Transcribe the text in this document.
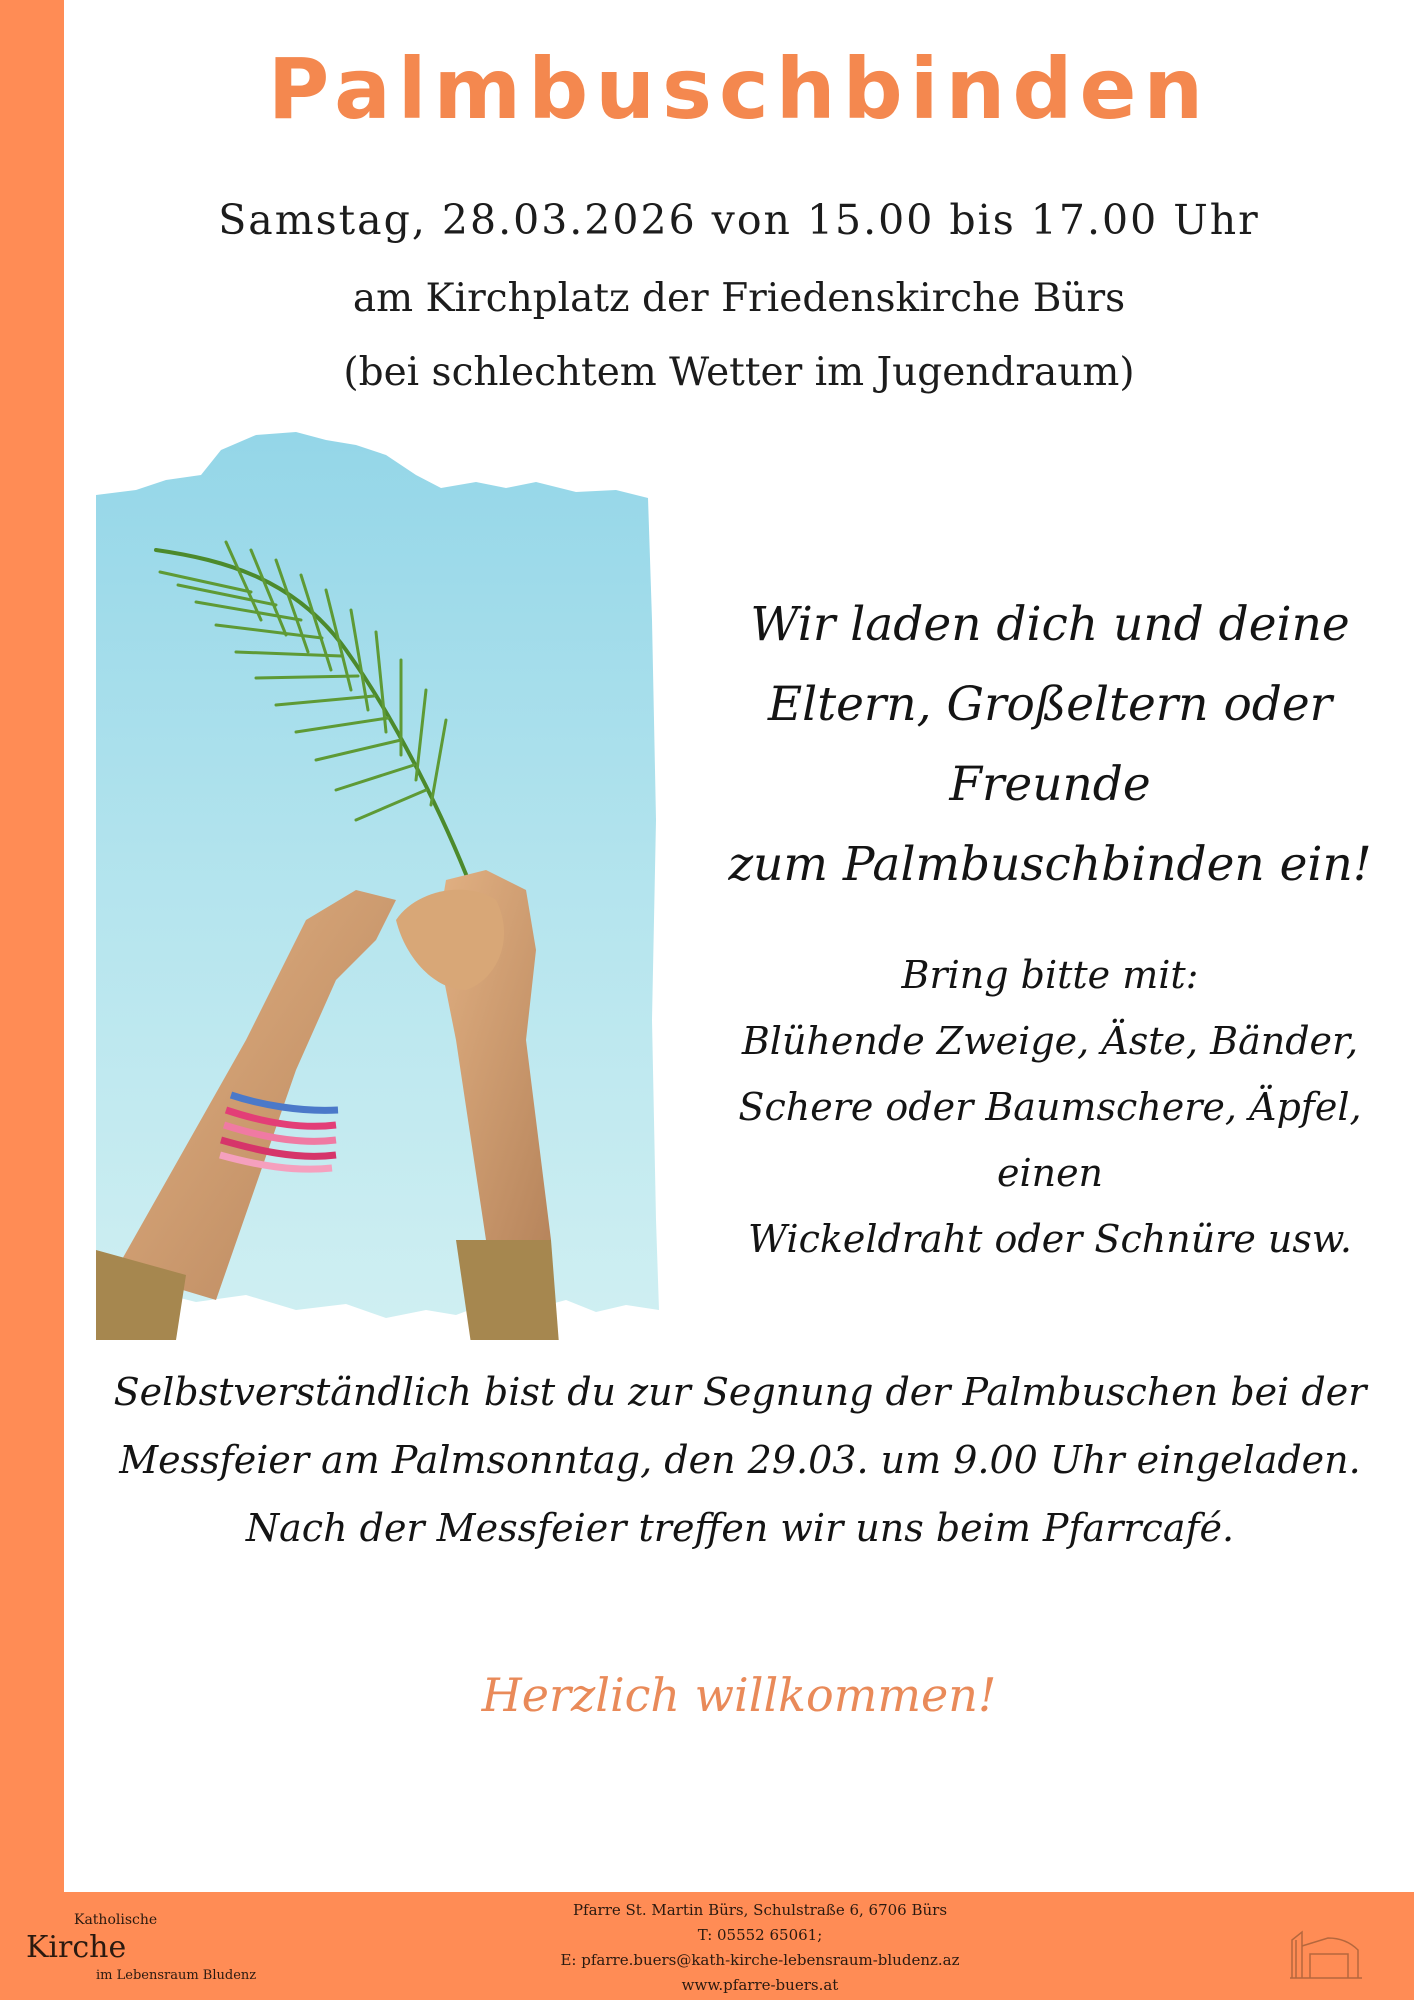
Palmbuschbinden
Samstag, 28.03.2026 von 15.00 bis 17.00 Uhr
am Kirchplatz der Friedenskirche Bürs
(bei schlechtem Wetter im Jugendraum)
Wir laden dich und deine
Eltern, Großeltern oder
Freunde
zum Palmbuschbinden ein!
Bring bitte mit:
Blühende Zweige, Äste, Bänder,
Schere oder Baumschere, Äpfel, einen
Wickeldraht oder Schnüre usw.
Selbstverständlich bist du zur Segnung der Palmbuschen bei der
Messfeier am Palmsonntag, den 29.03. um 9.00 Uhr eingeladen.
Nach der Messfeier treffen wir uns beim Pfarrcafé.
Herzlich willkommen!
Katholische
Kirche
im Lebensraum Bludenz
Pfarre St. Martin Bürs, Schulstraße 6, 6706 Bürs
T: 05552 65061;
E: pfarre.buers@kath-kirche-lebensraum-bludenz.az
www.pfarre-buers.at
